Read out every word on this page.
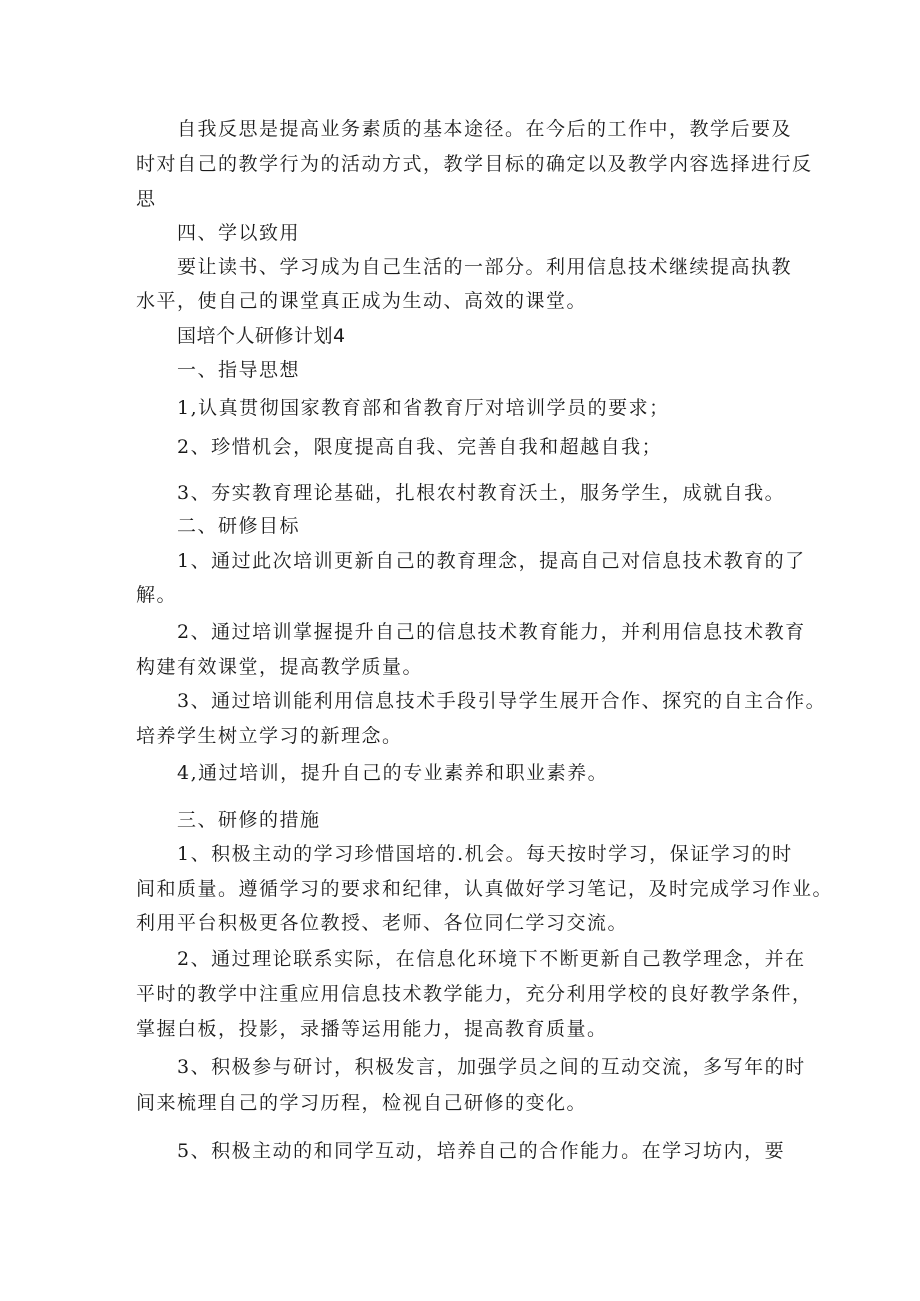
自我反思是提高业务素质的基本途径。在今后的工作中，教学后要及
时对自己的教学行为的活动方式，教学目标的确定以及教学内容选择进行反
思
四、学以致用
要让读书、学习成为自己生活的一部分。利用信息技术继续提高执教
水平，使自己的课堂真正成为生动、高效的课堂。
国培个人研修计划4
一、指导思想
1,认真贯彻国家教育部和省教育厅对培训学员的要求；
2、珍惜机会，限度提高自我、完善自我和超越自我；
3、夯实教育理论基础，扎根农村教育沃土，服务学生，成就自我。
二、研修目标
1、通过此次培训更新自己的教育理念，提高自己对信息技术教育的了
解。
2、通过培训掌握提升自己的信息技术教育能力，并利用信息技术教育
构建有效课堂，提高教学质量。
3、通过培训能利用信息技术手段引导学生展开合作、探究的自主合作。
培养学生树立学习的新理念。
4,通过培训，提升自己的专业素养和职业素养。
三、研修的措施
1、积极主动的学习珍惜国培的.机会。每天按时学习，保证学习的时
间和质量。遵循学习的要求和纪律，认真做好学习笔记，及时完成学习作业。
利用平台积极更各位教授、老师、各位同仁学习交流。
2、通过理论联系实际，在信息化环境下不断更新自己教学理念，并在
平时的教学中注重应用信息技术教学能力，充分利用学校的良好教学条件，
掌握白板，投影，录播等运用能力，提高教育质量。
3、积极参与研讨，积极发言，加强学员之间的互动交流，多写年的时
间来梳理自己的学习历程，检视自己研修的变化。
5、积极主动的和同学互动，培养自己的合作能力。在学习坊内，要
